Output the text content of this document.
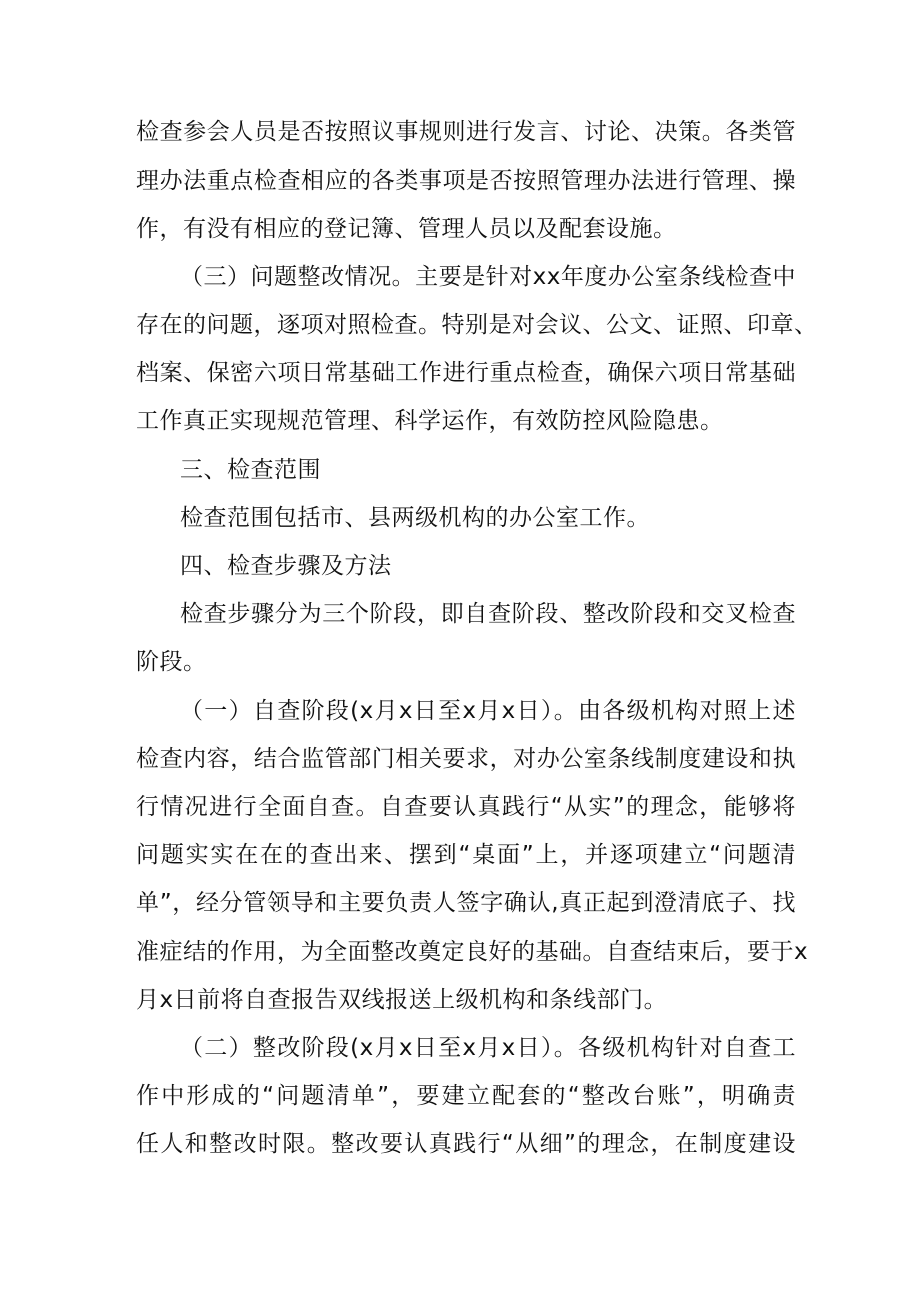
检查参会人员是否按照议事规则进行发言、讨论、决策。各类管
理办法重点检查相应的各类事项是否按照管理办法进行管理、操
作，有没有相应的登记簿、管理人员以及配套设施。
（三）问题整改情况。主要是针对xx年度办公室条线检查中
存在的问题，逐项对照检查。特别是对会议、公文、证照、印章、
档案、保密六项日常基础工作进行重点检查，确保六项日常基础
工作真正实现规范管理、科学运作，有效防控风险隐患。
三、检查范围
检查范围包括市、县两级机构的办公室工作。
四、检查步骤及方法
检查步骤分为三个阶段，即自查阶段、整改阶段和交叉检查
阶段。
（一）自查阶段(x月x日至x月x日）。由各级机构对照上述
检查内容，结合监管部门相关要求，对办公室条线制度建设和执
行情况进行全面自查。自查要认真践行“从实”的理念，能够将
问题实实在在的查出来、摆到“桌面”上，并逐项建立“问题清
单”，经分管领导和主要负责人签字确认,真正起到澄清底子、找
准症结的作用，为全面整改奠定良好的基础。自查结束后，要于x
月x日前将自查报告双线报送上级机构和条线部门。
（二）整改阶段(x月x日至x月x日）。各级机构针对自查工
作中形成的“问题清单”，要建立配套的“整改台账”，明确责
任人和整改时限。整改要认真践行“从细”的理念，在制度建设
